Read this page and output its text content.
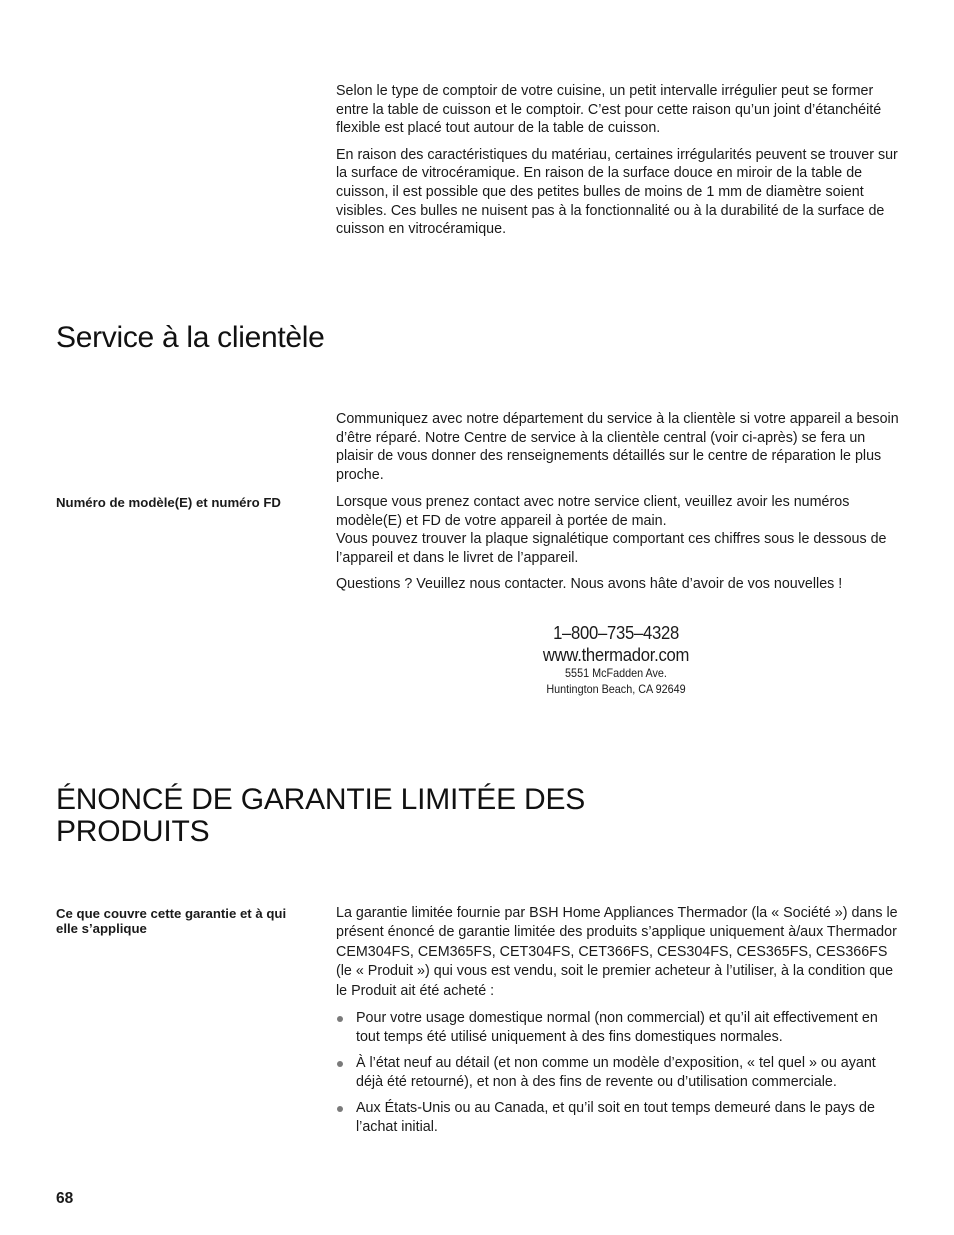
Selon le type de comptoir de votre cuisine, un petit intervalle irrégulier peut se former entre la table de cuisson et le comptoir. C’est pour cette raison qu’un joint d’étanchéité flexible est placé tout autour de la table de cuisson.

En raison des caractéristiques du matériau, certaines irrégularités peuvent se trouver sur la surface de vitrocéramique. En raison de la surface douce en miroir de la table de cuisson, il est possible que des petites bulles de moins de 1 mm de diamètre soient visibles. Ces bulles ne nuisent pas à la fonctionnalité ou à la durabilité de la surface de cuisson en vitrocéramique.

Service à la clientèle

Communiquez avec notre département du service à la clientèle si votre appareil a besoin d’être réparé. Notre Centre de service à la clientèle central (voir ci-après) se fera un plaisir de vous donner des renseignements détaillés sur le centre de réparation le plus proche.

Numéro de modèle(E) et numéro FD	Lorsque vous prenez contact avec notre service client, veuillez avoir les numéros modèle(E) et FD de votre appareil à portée de main.

Vous pouvez trouver la plaque signalétique comportant ces chiffres sous le dessous de l’appareil et dans le livret de l’appareil.

Questions ? Veuillez nous contacter. Nous avons hâte d’avoir de vos nouvelles !

1–800–735–4328
www.thermador.com
5551 McFadden Ave.
Huntington Beach, CA 92649
ÉNONCÉ DE GARANTIE LIMITÉE DES
PRODUITS
Ce que couvre cette garantie et à qui elle s’applique

La garantie limitée fournie par BSH Home Appliances Thermador (la « Société ») dans le présent énoncé de garantie limitée des produits s’applique uniquement à/aux Thermador CEM304FS, CEM365FS, CET304FS, CET366FS, CES304FS, CES365FS, CES366FS (le « Produit ») qui vous est vendu, soit le premier acheteur à l’utiliser, à la condition que le Produit ait été acheté :

Pour votre usage domestique normal (non commercial) et qu’il ait effectivement en tout temps été utilisé uniquement à des fins domestiques normales.
À l’état neuf au détail (et non comme un modèle d’exposition, « tel quel » ou ayant déjà été retourné), et non à des fins de revente ou d’utilisation commerciale.
Aux États-Unis ou au Canada, et qu’il soit en tout temps demeuré dans le pays de l’achat initial.
68
